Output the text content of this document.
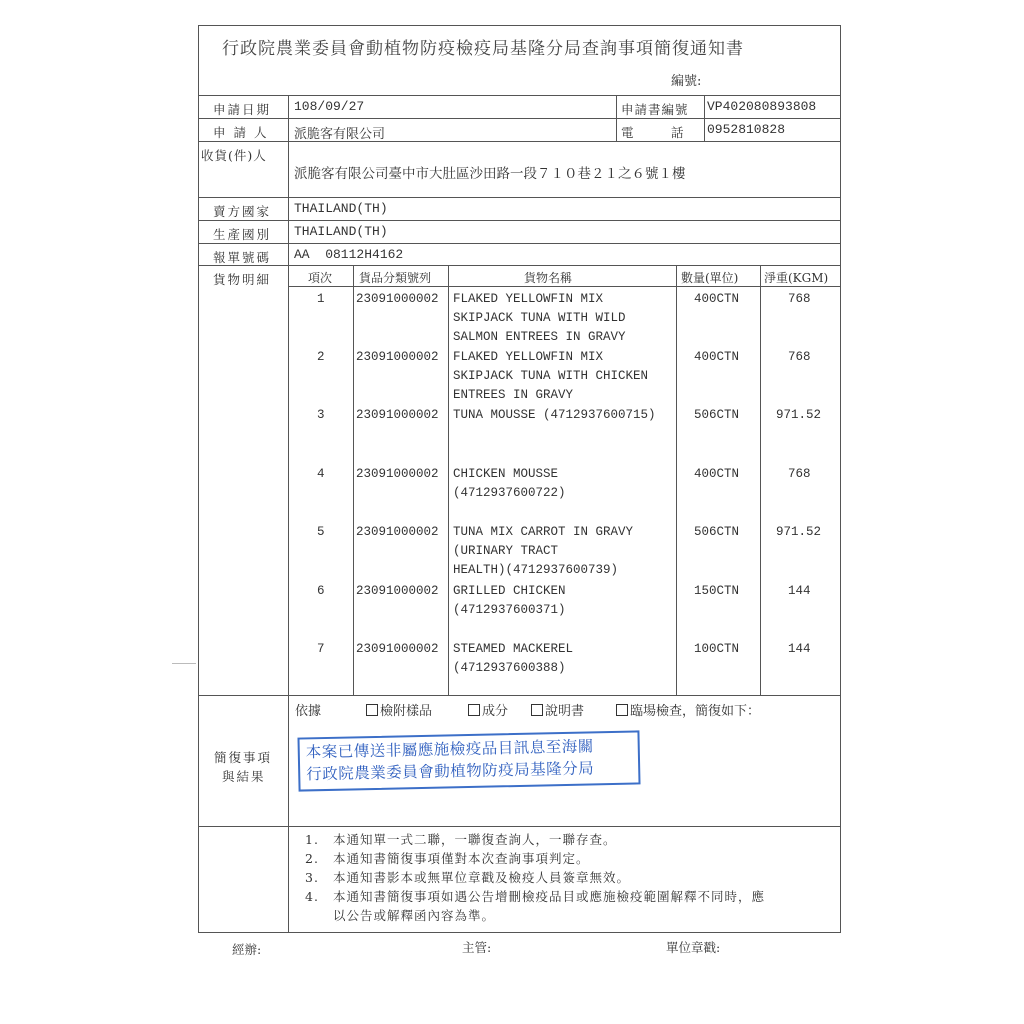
行政院農業委員會動植物防疫檢疫局基隆分局查詢事項簡復通知書
編號:
申請日期 108/09/27	申請書編號 VP402080893808
申 請 人 派脆客有限公司	電　　　話 0952810828
收貨(件)人
派脆客有限公司臺中市大肚區沙田路一段７１０巷２１之６號１樓
賣方國家 THAILAND(TH)
生產國別 THAILAND(TH)
報單號碼 AA  08112H4162
貨物明細	項次 貨品分類號列	貨物名稱	數量(單位) 淨重(KGM)
1	23091000002 FLAKED YELLOWFIN MIX
SKIPJACK TUNA WITH WILD
SALMON ENTREES IN GRAVY
400CTN	768
2	23091000002 FLAKED YELLOWFIN MIX
SKIPJACK TUNA WITH CHICKEN
ENTREES IN GRAVY
400CTN	768
3	23091000002 TUNA MOUSSE (4712937600715)	506CTN	971.52
4	23091000002 CHICKEN MOUSSE
(4712937600722)
400CTN	768
5	23091000002 TUNA MIX CARROT IN GRAVY
(URINARY TRACT
HEALTH)(4712937600739)
506CTN	971.52
6	23091000002 GRILLED CHICKEN
(4712937600371)
150CTN	144
7	23091000002 STEAMED MACKEREL
(4712937600388)
100CTN	144
簡復事項
與結果
依據	檢附樣品	成分	說明書	臨場檢查，簡復如下：
本案已傳送非屬應施檢疫品目訊息至海關
行政院農業委員會動植物防疫局基隆分局
1. 本通知單一式二聯，一聯復查詢人，一聯存查。
2. 本通知書簡復事項僅對本次查詢事項判定。
3. 本通知書影本或無單位章戳及檢疫人員簽章無效。
4. 本通知書簡復事項如遇公告增刪檢疫品目或應施檢疫範圍解釋不同時，應
以公告或解釋函內容為準。
經辦:	主管:	單位章戳:
